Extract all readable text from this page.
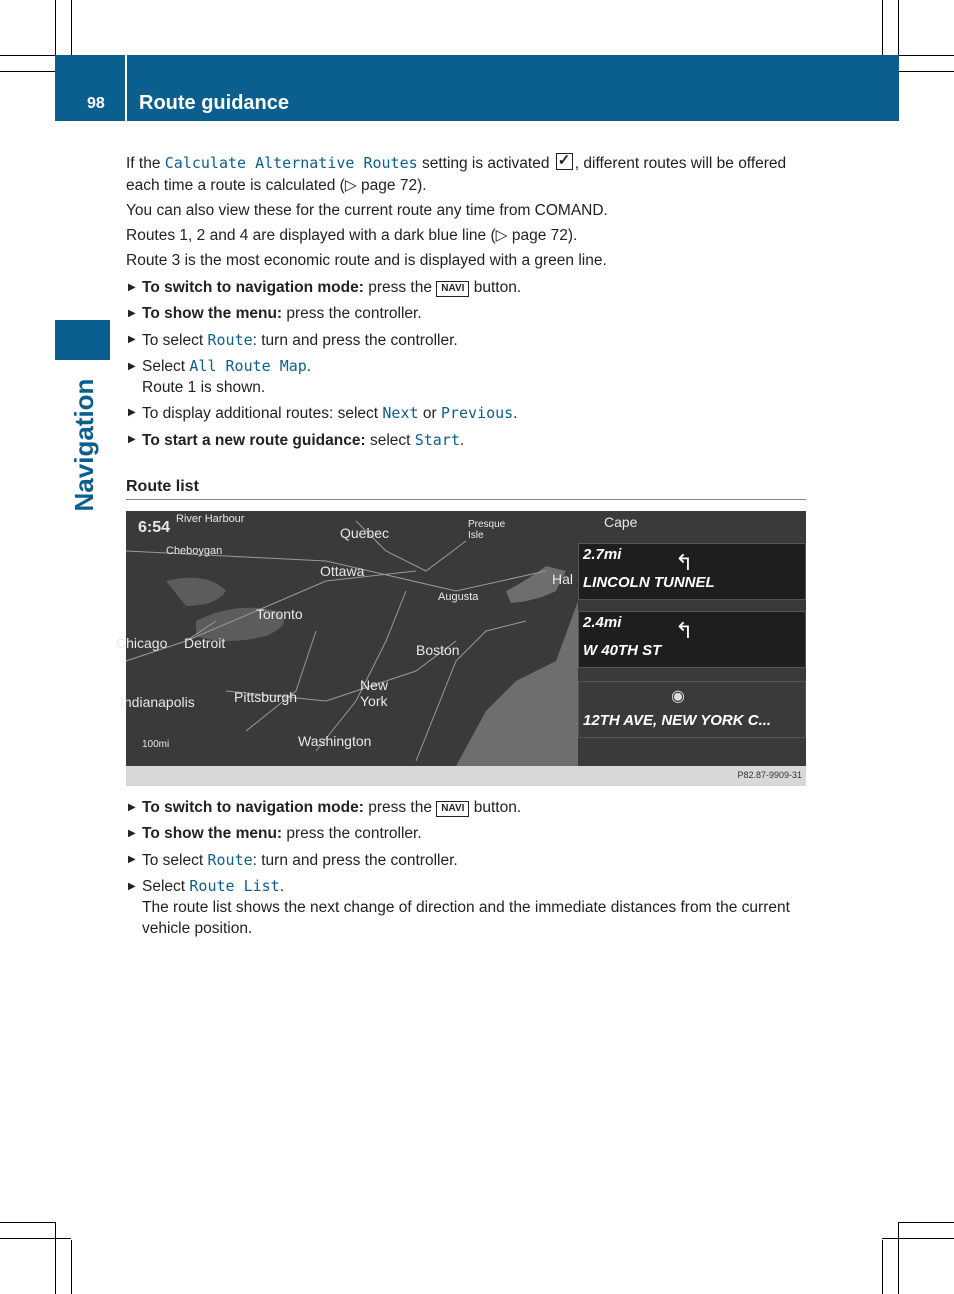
98 Route guidance
Navigation

If the Calculate Alternative Routes setting is activated ✓, different routes will be offered each time a route is calculated (▷ page 72).

You can also view these for the current route any time from COMAND.

Routes 1, 2 and 4 are displayed with a dark blue line (▷ page 72).

Route 3 is the most economic route and is displayed with a green line.

▶ To switch to navigation mode: press the NAVI button.
▶ To show the menu: press the controller.
▶ To select Route: turn and press the controller.
▶ Select All Route Map.
Route 1 is shown.
▶ To display additional routes: select Next or Previous.
▶ To start a new route guidance: select Start.
Route list
6:54 River Harbour
Cheboygan
Quebec
Presque Isle
Cape
Ottawa
Augusta
Hal
Toronto
Detroit	Boston
Chicago
Indianapolis	Pittsburgh
New York
Washington
100mi
2.7mi ↰
LINCOLN TUNNEL
2.4mi ↰
W 40TH ST
◉
12TH AVE, NEW YORK C...
P82.87-9909-31
▶ To switch to navigation mode: press the NAVI button.
▶ To show the menu: press the controller.
▶ To select Route: turn and press the controller.
▶ Select Route List.
The route list shows the next change of direction and the immediate distances from the current vehicle position.
